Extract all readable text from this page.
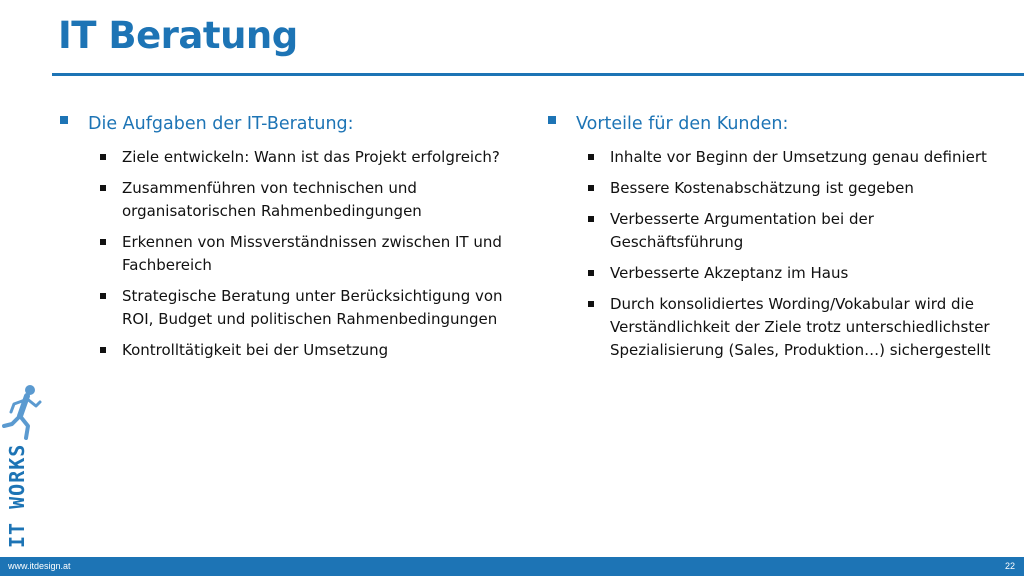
IT Beratung
Die Aufgaben der IT-Beratung:
Ziele entwickeln: Wann ist das Projekt erfolgreich?
Zusammenführen von technischen und organisatorischen Rahmenbedingungen
Erkennen von Missverständnissen zwischen IT und Fachbereich
Strategische Beratung unter Berücksichtigung von ROI, Budget und politischen Rahmenbedingungen
Kontrolltätigkeit bei der Umsetzung
Vorteile für den Kunden:
Inhalte vor Beginn der Umsetzung genau definiert
Bessere Kostenabschätzung ist gegeben
Verbesserte Argumentation bei der Geschäftsführung
Verbesserte Akzeptanz im Haus
Durch konsolidiertes Wording/Vokabular wird die Verständlichkeit der Ziele trotz unterschiedlichster Spezialisierung (Sales, Produktion…) sichergestellt
IT WORKS
www.itdesign.at	22
